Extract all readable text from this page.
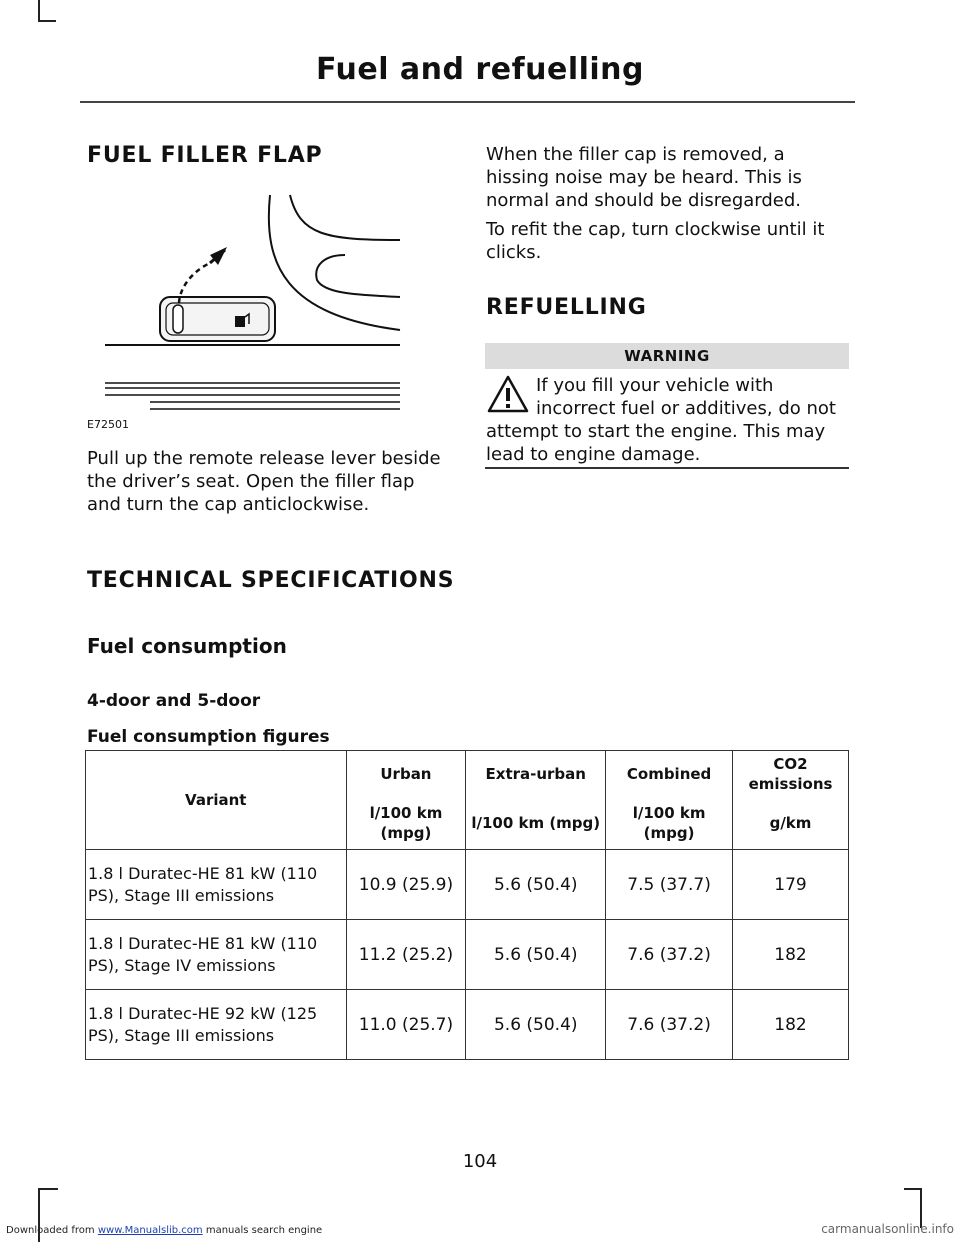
Fuel and refuelling
FUEL FILLER FLAP
E72501
Pull up the remote release lever beside the driver’s seat. Open the filler flap and turn the cap anticlockwise.
When the filler cap is removed, a hissing noise may be heard. This is normal and should be disregarded.
To refit the cap, turn clockwise until it clicks.
REFUELLING
WARNING
If you fill your vehicle with incorrect fuel or additives, do not attempt to start the engine. This may lead to engine damage.
TECHNICAL SPECIFICATIONS
Fuel consumption
4-door and 5-door
Fuel consumption figures
Variant	Urban	Extra-urban	Combined	CO2 emissions
	l/100 km (mpg)	l/100 km (mpg)	l/100 km (mpg)	g/km
1.8 l Duratec-HE 81 kW (110 PS), Stage III emissions	10.9 (25.9)	5.6 (50.4)	7.5 (37.7)	179
1.8 l Duratec-HE 81 kW (110 PS), Stage IV emissions	11.2 (25.2)	5.6 (50.4)	7.6 (37.2)	182
1.8 l Duratec-HE 92 kW (125 PS), Stage III emissions	11.0 (25.7)	5.6 (50.4)	7.6 (37.2)	182
104
Downloaded from www.Manualslib.com manuals search engine	carmanualsonline.info
